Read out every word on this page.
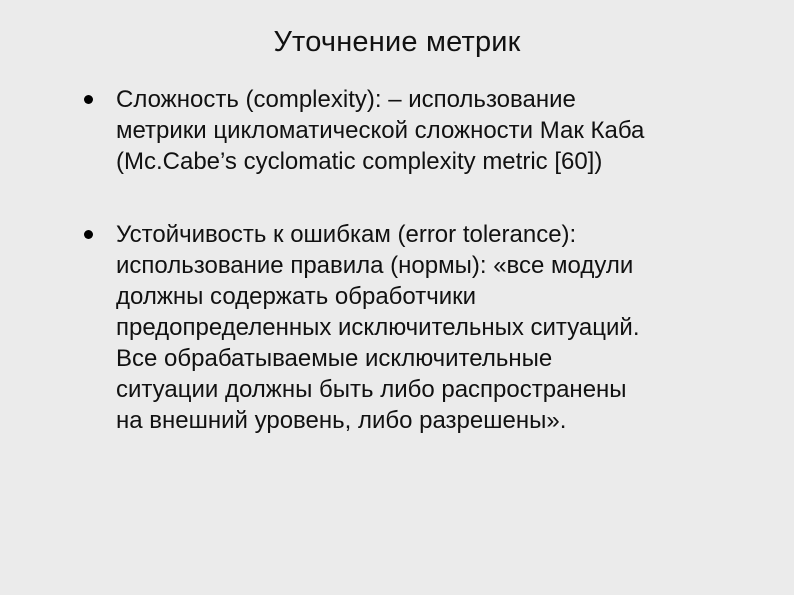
Уточнение метрик
Сложность (complexity): – использование
метрики цикломатической сложности Мак Каба
(Mc.Cabe’s cyclomatic complexity metric [60])
Устойчивость к ошибкам (error tolerance):
использование правила (нормы): «все модули
должны содержать обработчики
предопределенных исключительных ситуаций.
Все обрабатываемые исключительные
ситуации должны быть либо распространены
на внешний уровень, либо разрешены».
